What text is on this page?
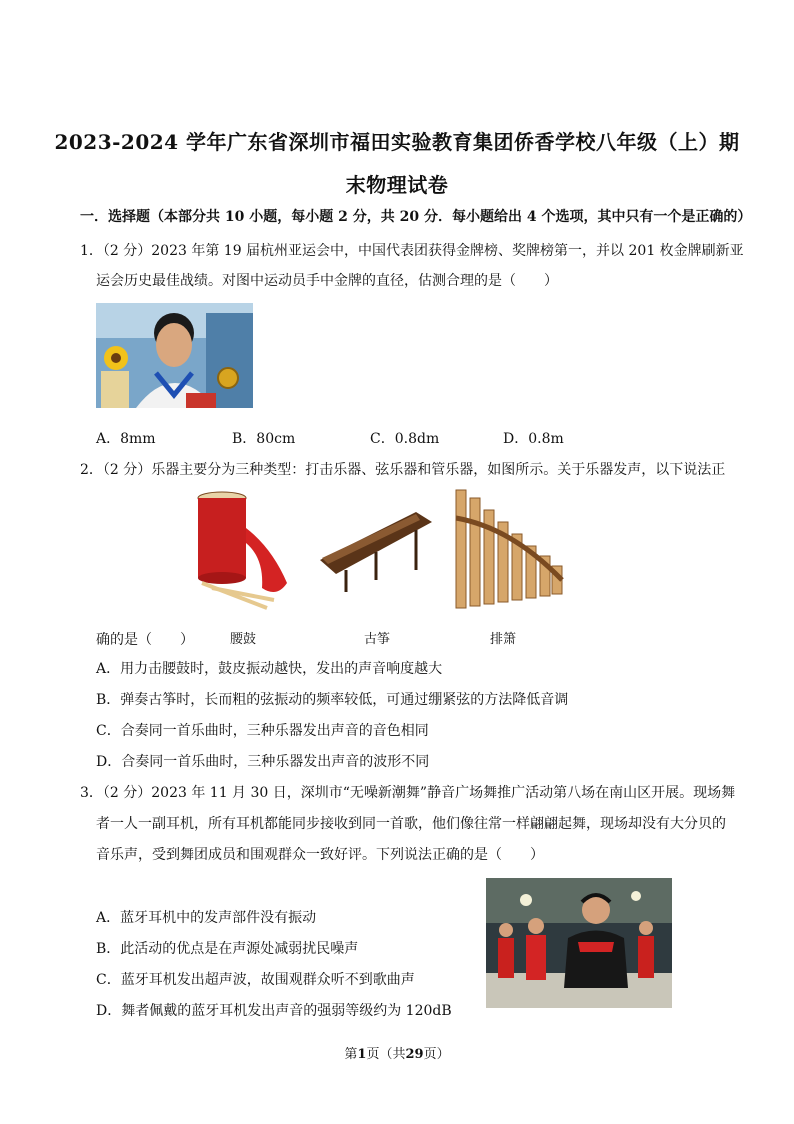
2023-2024 学年广东省深圳市福田实验教育集团侨香学校八年级（上）期
末物理试卷
一．选择题（本部分共 10 小题，每小题 2 分，共 20 分．每小题给出 4 个选项，其中只有一个是正确的）
1．（2 分）2023 年第 19 届杭州亚运会中，中国代表团获得金牌榜、奖牌榜第一，并以 201 枚金牌刷新亚
运会历史最佳战绩。对图中运动员手中金牌的直径，估测合理的是（　　）
A．8mm	B．80cm	C．0.8dm	D．0.8m
2．（2 分）乐器主要分为三种类型：打击乐器、弦乐器和管乐器，如图所示。关于乐器发声，以下说法正
确的是（　　）	腰鼓	古筝	排箫
A．用力击腰鼓时，鼓皮振动越快，发出的声音响度越大
B．弹奏古筝时，长而粗的弦振动的频率较低，可通过绷紧弦的方法降低音调
C．合奏同一首乐曲时，三种乐器发出声音的音色相同
D．合奏同一首乐曲时，三种乐器发出声音的波形不同
3．（2 分）2023 年 11 月 30 日，深圳市“无噪新潮舞”静音广场舞推广活动第八场在南山区开展。现场舞
者一人一副耳机，所有耳机都能同步接收到同一首歌，他们像往常一样翩翩起舞，现场却没有大分贝的
音乐声，受到舞团成员和围观群众一致好评。下列说法正确的是（　　）
A．蓝牙耳机中的发声部件没有振动
B．此活动的优点是在声源处减弱扰民噪声
C．蓝牙耳机发出超声波，故围观群众听不到歌曲声
D．舞者佩戴的蓝牙耳机发出声音的强弱等级约为 120dB
第1页（共29页）
